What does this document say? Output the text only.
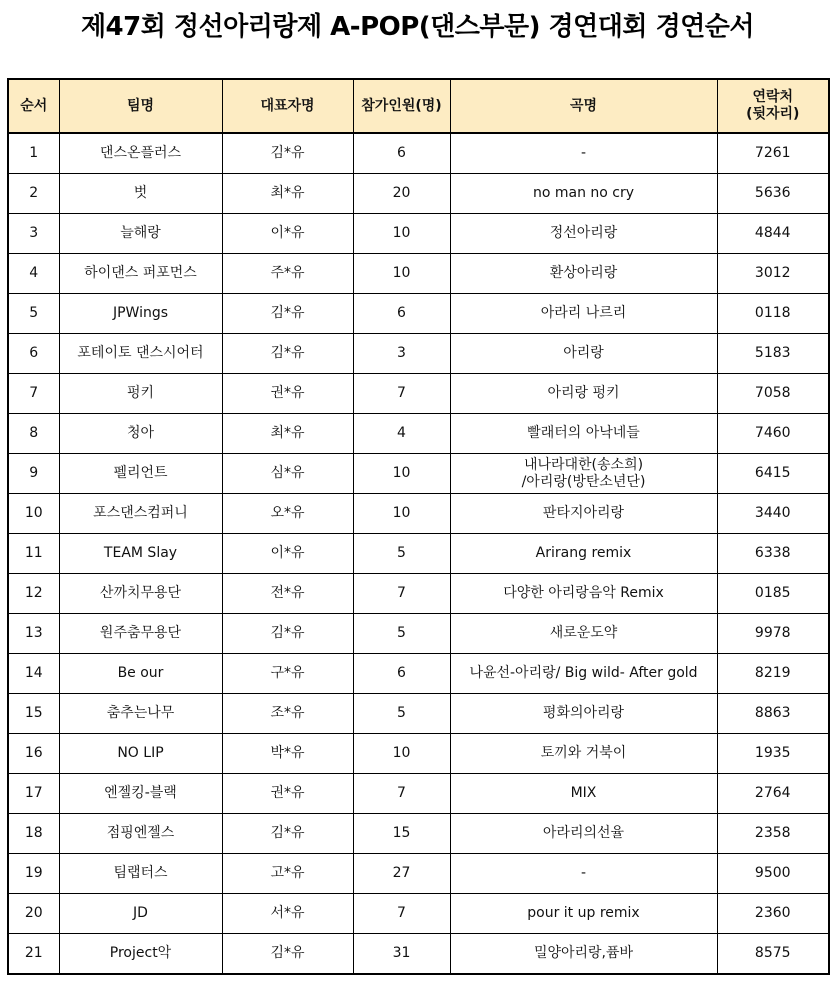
제47회 정선아리랑제 A-POP(댄스부문) 경연대회 경연순서
순서	팀명	대표자명	참가인원(명)	곡명	연락처
(뒷자리)
1	댄스온플러스	김*유	6	-	7261
2	벗	최*유	20	no man no cry	5636
3	늘해랑	이*유	10	정선아리랑	4844
4	하이댄스 퍼포먼스	주*유	10	환상아리랑	3012
5	JPWings	김*유	6	아라리 나르리	0118
6	포테이토 댄스시어터	김*유	3	아리랑	5183
7	펑키	권*유	7	아리랑 펑키	7058
8	청아	최*유	4	빨래터의 아낙네들	7460
9	펠리언트	심*유	10	내나라대한(송소희)
/아리랑(방탄소년단)	6415
10	포스댄스컴퍼니	오*유	10	판타지아리랑	3440
11	TEAM Slay	이*유	5	Arirang remix	6338
12	산까치무용단	전*유	7	다양한 아리랑음악 Remix	0185
13	원주춤무용단	김*유	5	새로운도약	9978
14	Be our	구*유	6	나윤선-아리랑/ Big wild- After gold	8219
15	춤추는나무	조*유	5	평화의아리랑	8863
16	NO LIP	박*유	10	토끼와 거북이	1935
17	엔젤킹-블랙	권*유	7	MIX	2764
18	점핑엔젤스	김*유	15	아라리의선율	2358
19	팀랩터스	고*유	27	-	9500
20	JD	서*유	7	pour it up remix	2360
21	Project악	김*유	31	밀양아리랑,퓸바	8575
